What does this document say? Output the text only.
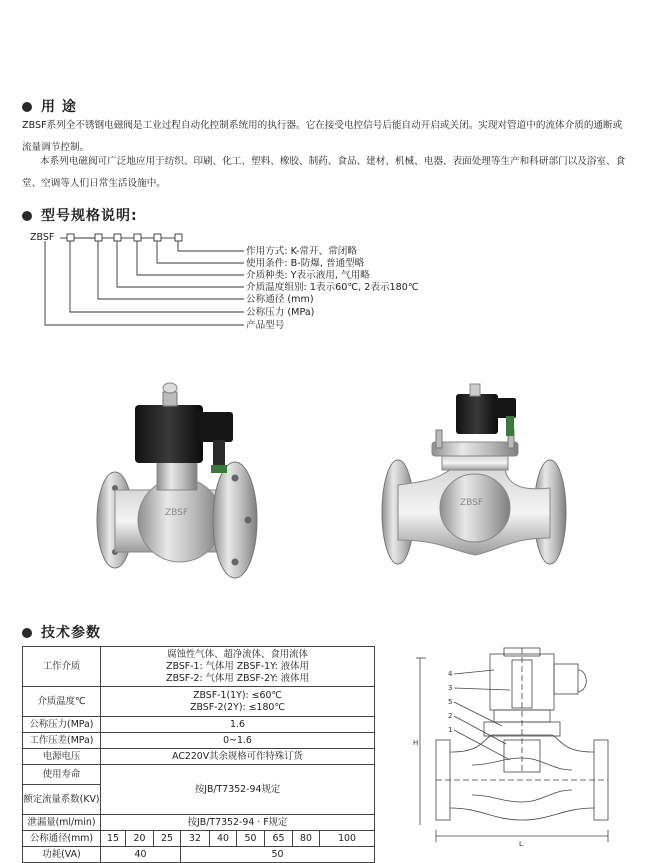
用 途
ZBSF系列全不锈钢电磁阀是工业过程自动化控制系统用的执行器。它在接受电控信号后能自动开启或关闭。实现对管道中的流体介质的通断或流量调节控制。
本系列电磁阀可广泛地应用于纺织、印刷、化工、塑料、橡胶、制药、食品、建材、机械、电器、表面处理等生产和科研部门以及浴室、食堂、空调等人们日常生活设施中。
型号规格说明:
ZBSF
作用方式: K-常开、常闭略
使用条件: B-防爆, 普通型略
介质种类: Y表示液用, 气用略
介质温度组别: 1表示60℃, 2表示180℃
公称通径 (mm)
公称压力 (MPa)
产品型号
ZBSF
ZBSF
技术参数
工作介质	腐蚀性气体、超净流体、食用流体
ZBSF-1: 气体用 ZBSF-1Y: 液体用
ZBSF-2: 气体用 ZBSF-2Y: 液体用								

介质温度℃	ZBSF-1(1Y): ≤60℃
ZBSF-2(2Y): ≤180℃								

公称压力(MPa)	1.6								
工作压差(MPa)	0~1.6								
电源电压	AC220V其余规格可作特殊订货								
使用寿命	按JB/T7352-94规定								
额定流量系数(KV)									
泄漏量(ml/min)	按JB/T7352-94 · F规定								
公称通径(mm)	15	20	25	32	40	50	65	80	100
功耗(VA)	40			50					
4
3
5
2
1
L
H
